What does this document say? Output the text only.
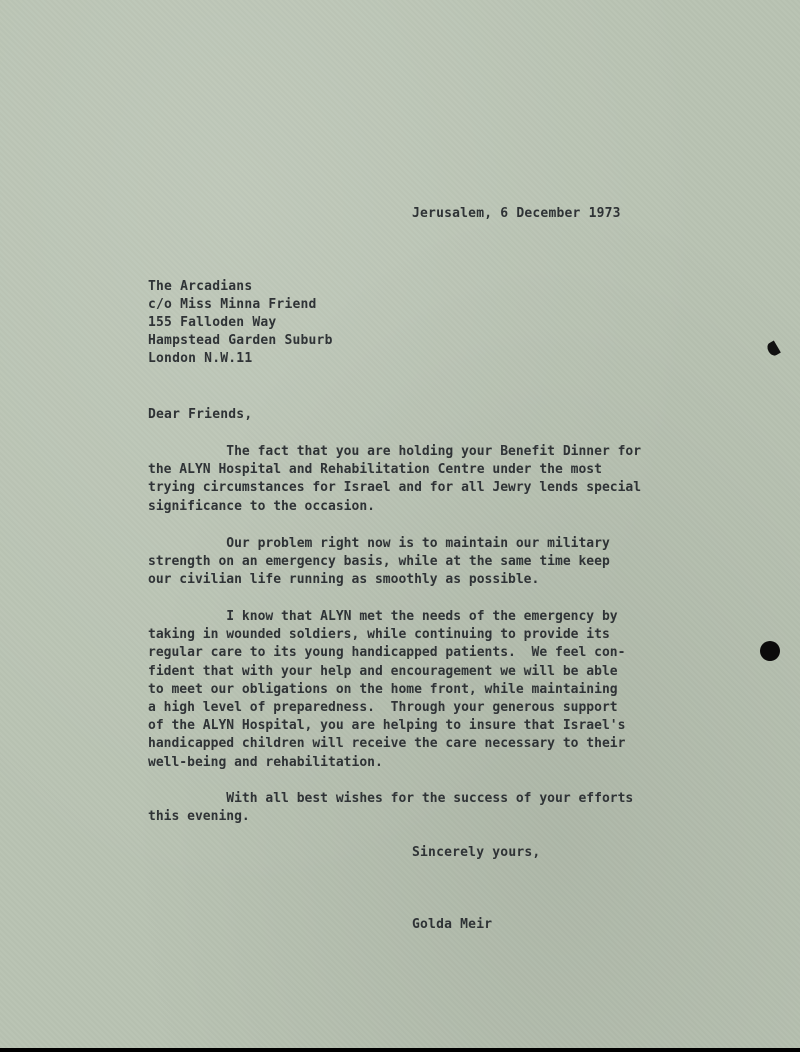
Jerusalem, 6 December 1973
The Arcadians
c/o Miss Minna Friend
155 Falloden Way
Hampstead Garden Suburb
London N.W.11
Dear Friends,
The fact that you are holding your Benefit Dinner for
the ALYN Hospital and Rehabilitation Centre under the most
trying circumstances for Israel and for all Jewry lends special
significance to the occasion.
Our problem right now is to maintain our military
strength on an emergency basis, while at the same time keep
our civilian life running as smoothly as possible.
I know that ALYN met the needs of the emergency by
taking in wounded soldiers, while continuing to provide its
regular care to its young handicapped patients.  We feel con-
fident that with your help and encouragement we will be able
to meet our obligations on the home front, while maintaining
a high level of preparedness.  Through your generous support
of the ALYN Hospital, you are helping to insure that Israel's
handicapped children will receive the care necessary to their
well-being and rehabilitation.
With all best wishes for the success of your efforts
this evening.
Sincerely yours,
Golda Meir
